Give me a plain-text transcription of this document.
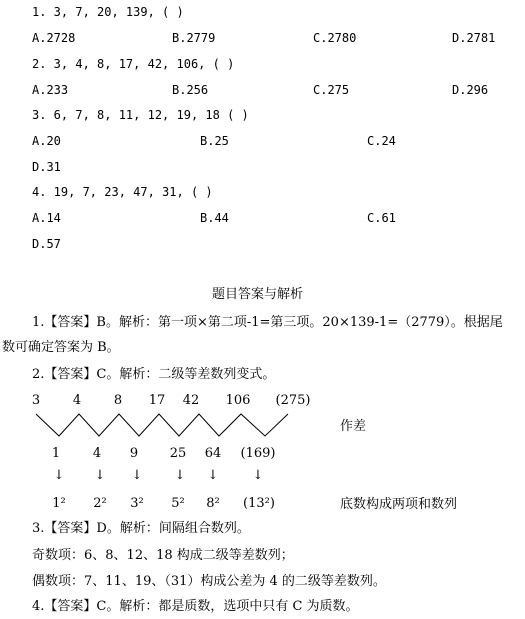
1. 3, 7, 20, 139, ( )
A.2728	B.2779	C.2780	D.2781
2. 3, 4, 8, 17, 42, 106, ( )
A.233	B.256	C.275	D.296
3. 6, 7, 8, 11, 12, 19, 18 ( )
A.20	B.25	C.24
D.31
4. 19, 7, 23, 47, 31, ( )
A.14	B.44	C.61
D.57
题目答案与解析
1.【答案】B。解析：第一项×第二项-1=第三项。20×139-1=（2779）。根据尾
数可确定答案为 B。
2.【答案】C。解析：二级等差数列变式。
3	4	8	17	42	106	(275)
作差
1	4	9	25	64	(169)
↓	↓	↓	↓	↓	↓
1²	2²	3²	5²	8²	(13²)	底数构成两项和数列
3.【答案】D。解析：间隔组合数列。
奇数项：6、8、12、18 构成二级等差数列；
偶数项：7、11、19、（31）构成公差为 4 的二级等差数列。
4.【答案】C。解析：都是质数，选项中只有 C 为质数。
